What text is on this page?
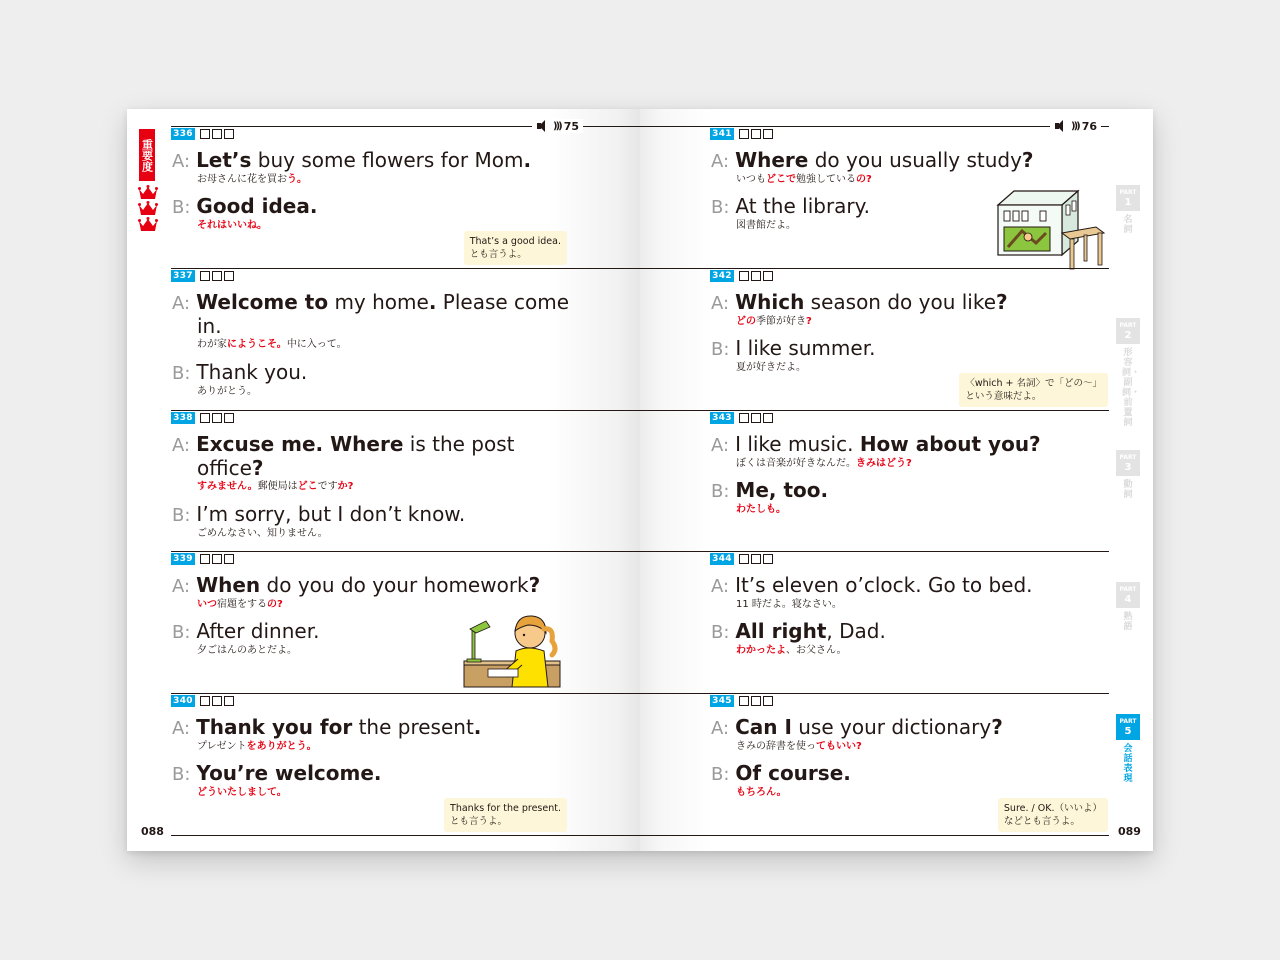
))) 75
重要度
088
336
A: Let’s buy some flowers for Mom.
お母さんに花を買おう。
B: Good idea.
それはいいね。
That’s a good idea.
とも言うよ。
337
A: Welcome to my home. Please come
in.
わが家にようこそ。中に入って。
B: Thank you.
ありがとう。
338
A: Excuse me. Where is the post
office?
すみません。郵便局はどこですか?
B: I’m sorry, but I don’t know.
ごめんなさい、知りません。
339
A: When do you do your homework?
いつ宿題をするの?
B: After dinner.
夕ごはんのあとだよ。
340
A: Thank you for the present.
プレゼントをありがとう。
B: You’re welcome.
どういたしまして。
Thanks for the present.
とも言うよ。
))) 76
089
341
A: Where do you usually study?
いつもどこで勉強しているの?
B: At the library.
図書館だよ。
342
A: Which season do you like?
どの季節が好き?
B: I like summer.
夏が好きだよ。
〈which + 名詞〉で「どの〜」
という意味だよ。
343
A: I like music. How about you?
ぼくは音楽が好きなんだ。きみはどう?
B: Me, too.
わたしも。
344
A: It’s eleven o’clock. Go to bed.
11 時だよ。寝なさい。
B: All right, Dad.
わかったよ、お父さん。
345
A: Can I use your dictionary?
きみの辞書を使ってもいい?
B: Of course.
もちろん。
Sure. / OK.（いいよ）
などとも言うよ。
PART
1
名詞
PART
2
形容詞・副詞・前置詞
PART
3
動詞
PART
4
熟語
PART
5
会話表現
